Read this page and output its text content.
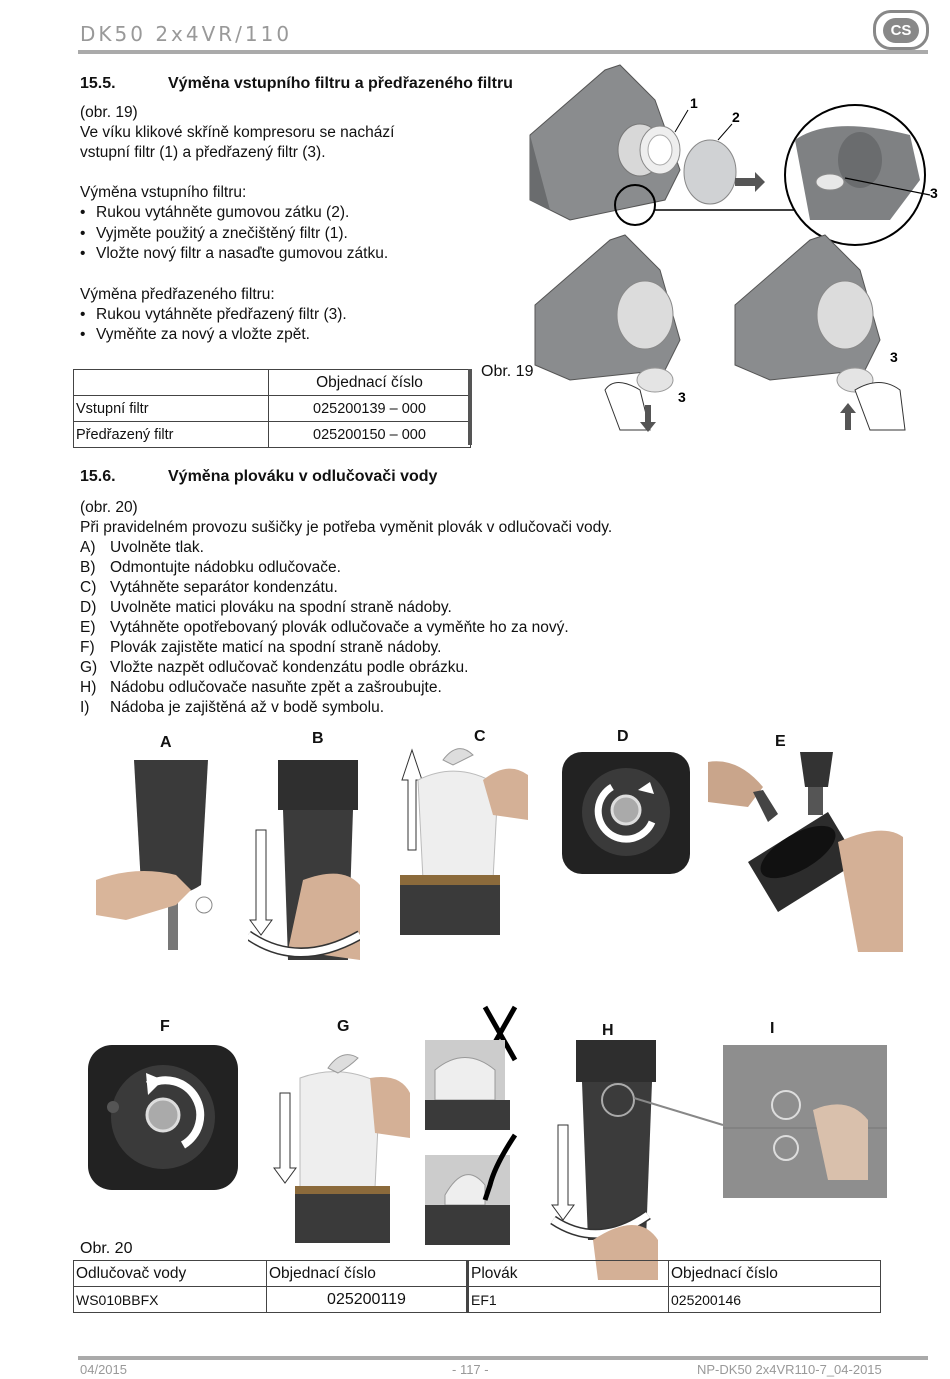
DK50 2x4VR/110	CS
15.5.	Výměna vstupního filtru a předřazeného filtru
(obr. 19)
Ve víku klikové skříně kompresoru se nachází
vstupní filtr (1) a předřazený filtr (3).
Výměna vstupního filtru:
• Rukou vytáhněte gumovou zátku (2).
• Vyjměte použitý a znečištěný filtr (1).
• Vložte nový filtr a nasaďte gumovou zátku.
Výměna předřazeného filtru:
• Rukou vytáhněte předřazený filtr (3).
• Vyměňte za nový a vložte zpět.
	Objednací číslo
Vstupní filtr	025200139 – 000
Předřazený filtr	025200150 – 000
Obr. 19
1
2
3
3
3
15.6.	Výměna plováku v odlučovači vody
(obr. 20)
Při pravidelném provozu sušičky je potřeba vyměnit plovák v odlučovači vody.
A) Uvolněte tlak.
B) Odmontujte nádobku odlučovače.
C) Vytáhněte separátor kondenzátu.
D) Uvolněte matici plováku na spodní straně nádoby.
E) Vytáhněte opotřebovaný plovák odlučovače a vyměňte ho za nový.
F) Plovák zajistěte maticí na spodní straně nádoby.
G) Vložte nazpět odlučovač kondenzátu podle obrázku.
H) Nádobu odlučovače nasuňte zpět a zašroubujte.
I) Nádoba je zajištěná až v bodě symbolu.
A	B	C	D	E
F	G	H	I
Obr. 20
Odlučovač vody	Objednací číslo	Plovák	Objednací číslo
WS010BBFX	025200119	EF1	025200146
04/2015	- 117 -	NP-DK50 2x4VR110-7_04-2015
